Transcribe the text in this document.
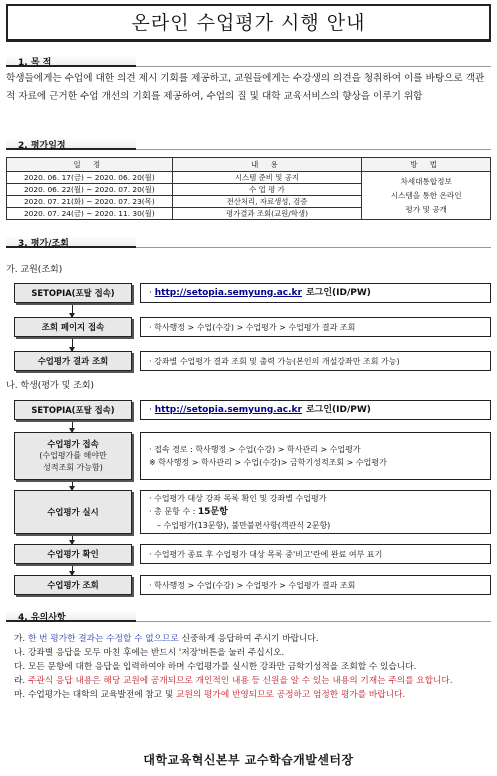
온라인 수업평가 시행 안내
1. 목 적
학생들에게는 수업에 대한 의견 제시 기회를 제공하고, 교원들에게는 수강생의 의견을 청취하여 이를 바탕으로 객관적 자료에 근거한 수업 개선의 기회를 제공하여, 수업의 질 및 대학 교육서비스의 향상을 이루기 위함
2. 평가일정
일 정	내 용	방 법
2020. 06. 17(금) ~ 2020. 06. 20(월)	시스템 준비 및 공지	차세대통합정보
시스템을 통한 온라인
평가 및 공개

2020. 06. 22(월) ~ 2020. 07. 20(월)	수 업 평 가	
2020. 07. 21(화) ~ 2020. 07. 23(목)	전산처리, 자료생성, 검증	
2020. 07. 24(금) ~ 2020. 11. 30(월)	평가결과 조회(교원/학생)	
3. 평가/조회
가. 교원(조회)
SETOPIA(포탈 접속)	· http://setopia.semyung.ac.kr 로그인(ID/PW)
조회 페이지 접속	· 학사행정 > 수업(수강) > 수업평가 > 수업평가 결과 조회
수업평가 결과 조회	· 강좌별 수업평가 결과 조회 및 출력 가능(본인의 개설강좌만 조회 가능)
나. 학생(평가 및 조회)
SETOPIA(포탈 접속)	· http://setopia.semyung.ac.kr 로그인(ID/PW)
수업평가 접속
(수업평가를 해야만
성적조회 가능함)
· 접속 경로 : 학사행정 > 수업(수강) > 학사관리 > 수업평가
※ 학사행정 > 학사관리 > 수업(수강)> 금학기성적조회 > 수업평가
수업평가 실시
· 수업평가 대상 강좌 목록 확인 및 강좌별 수업평가
· 총 문항 수 : 15문항
– 수업평가(13문항), 불만불편사항(객관식 2문항)
수업평가 확인	· 수업평가 종료 후 수업평가 대상 목록 중'비고'란에 완료 여부 표기
수업평가 조회	· 학사행정 > 수업(수강) > 수업평가 > 수업평가 결과 조회
4. 유의사항
가. 한 번 평가한 결과는 수정할 수 없으므로 신중하게 응답하여 주시기 바랍니다.
나. 강좌별 응답을 모두 마친 후에는 반드시 '저장'버튼을 눌러 주십시오.
다. 모든 문항에 대한 응답을 입력하여야 하며 수업평가를 실시한 강좌만 금학기성적을 조회할 수 있습니다.
라. 주관식 응답 내용은 해당 교원에 공개되므로 개인적인 내용 등 신원을 알 수 있는 내용의 기재는 주의를 요합니다.
마. 수업평가는 대학의 교육발전에 참고 및 교원의 평가에 반영되므로 공정하고 엄정한 평가를 바랍니다.
대학교육혁신본부 교수학습개발센터장
